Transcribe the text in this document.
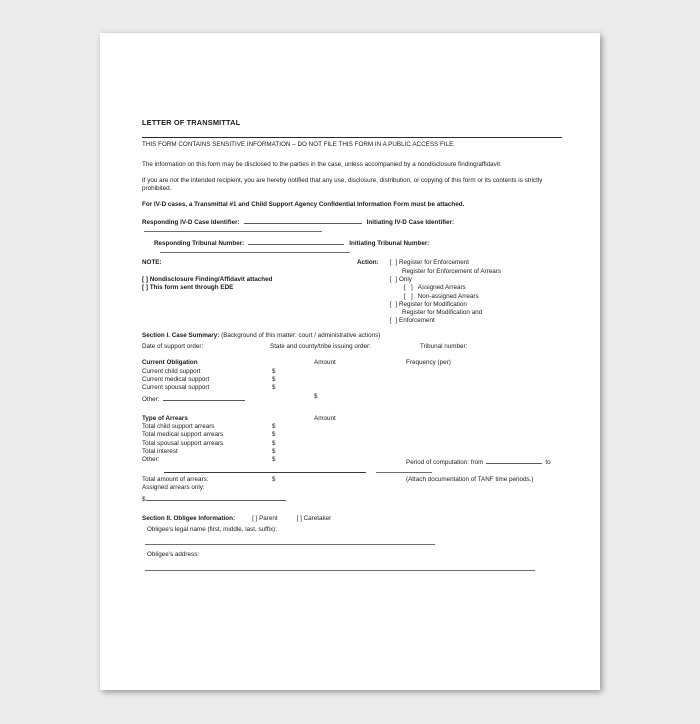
LETTER OF TRANSMITTAL
THIS FORM CONTAINS SENSITIVE INFORMATION – DO NOT FILE THIS FORM IN A PUBLIC ACCESS FILE.
The information on this form may be disclosed to the parties in the case, unless accompanied by a nondisclosure finding/affidavit.
If you are not the intended recipient, you are hereby notified that any use, disclosure, distribution, or copying of this form or its contents is strictly prohibited.
For IV-D cases, a Transmittal #1 and Child Support Agency Confidential Information Form must be attached.
Responding IV-D Case Identifier:	Initiating IV-D Case Identifier:
Responding Tribunal Number:	Initiating Tribunal Number:
NOTE:
[ ] Nondisclosure Finding/Affidavit attached
[ ] This form sent through EDE
Action:	[  ] Register for Enforcement
Register for Enforcement of Arrears
[  ] Only
[   ] Assigned Arrears
[   ] Non-assigned Arrears
[  ] Register for Modification
Register for Modification and
[  ] Enforcement
Section I. Case Summary: (Background of this matter: court / administrative actions)
Date of support order:	State and county/tribe issuing order:	Tribunal number:
Current Obligation		Amount	Frequency (per)
Current child support	$		
Current medical support	$		
Current spousal support	$		
Other:		$	
Type of Arrears		Amount	
Total child support arrears	$		
Total medical support arrears	$		
Total spousal support arrears	$		
Total interest	$		
Other:	$		Period of computation: from to
Total amount of arrears:	$		(Attach documentation of TANF time periods.)
Assigned arrears only:
$
Section II. Obligee Information:	[ ] Parent	[ ] Caretaker
Obligee’s legal name (first, middle, last, suffix):
Obligee’s address:
